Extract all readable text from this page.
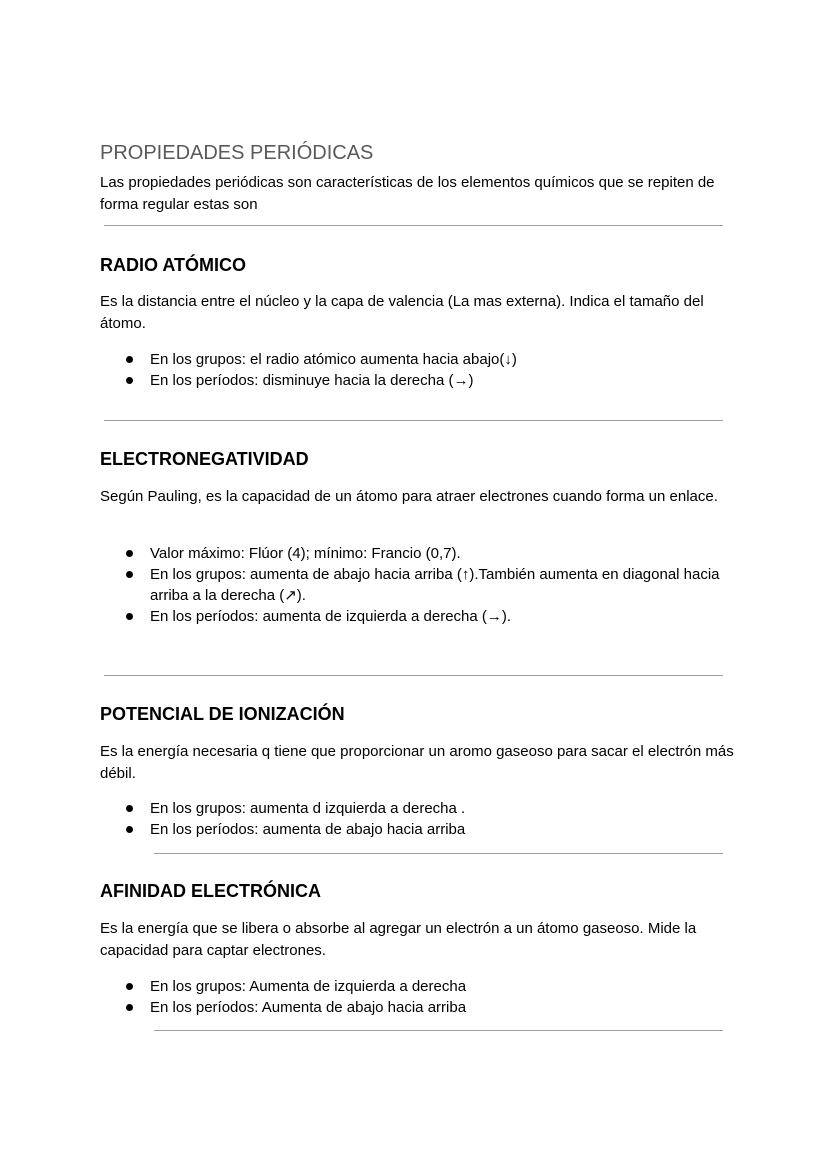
PROPIEDADES PERIÓDICAS

Las propiedades periódicas son características de los elementos químicos que se repiten de forma regular estas son

RADIO ATÓMICO

Es la distancia entre el núcleo y la capa de valencia (La mas externa). Indica el tamaño del átomo.

En los grupos: el radio atómico aumenta hacia abajo(↓)
En los períodos: disminuye hacia la derecha (→)
ELECTRONEGATIVIDAD

Según Pauling, es la capacidad de un átomo para atraer electrones cuando forma un enlace.

Valor máximo: Flúor (4); mínimo: Francio (0,7).
En los grupos: aumenta de abajo hacia arriba (↑).También aumenta en diagonal hacia arriba a la derecha (↗).
En los períodos: aumenta de izquierda a derecha (→).
POTENCIAL DE IONIZACIÓN

Es la energía necesaria q tiene que proporcionar un aromo gaseoso para sacar el electrón más débil.

En los grupos: aumenta d izquierda a derecha .
En los períodos: aumenta de abajo hacia arriba
AFINIDAD ELECTRÓNICA

Es la energía que se libera o absorbe al agregar un electrón a un átomo gaseoso. Mide la capacidad para captar electrones.

En los grupos: Aumenta de izquierda a derecha
En los períodos: Aumenta de abajo hacia arriba
